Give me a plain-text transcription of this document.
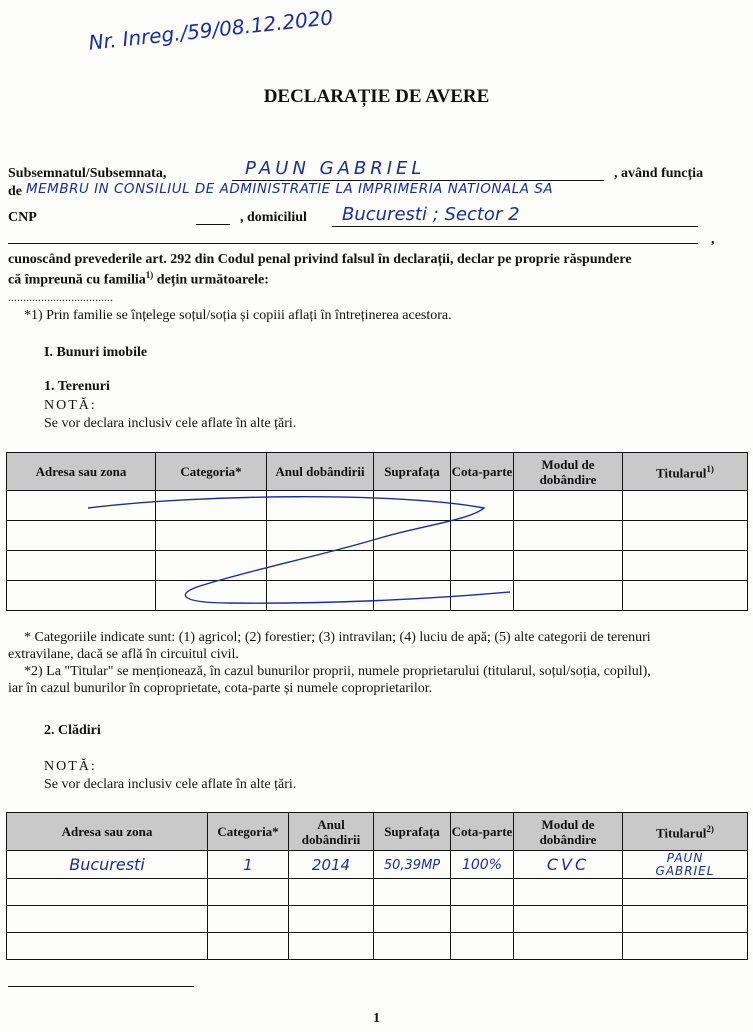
Nr. Inreg./59/08.12.2020
DECLARAȚIE DE AVERE
Subsemnatul/Subsemnata,	PAUN GABRIEL	, având funcția
de MEMBRU IN CONSILIUL DE ADMINISTRATIE LA IMPRIMERIA NATIONALA SA
CNP	, domiciliul Bucuresti ; Sector 2
,
cunoscând prevederile art. 292 din Codul penal privind falsul în declarații, declar pe proprie răspundere
că împreună cu familia$^{1)}$ dețin următoarele:
...................................
*1) Prin familie se înțelege soțul/soția și copiii aflați în întreținerea acestora.
I. Bunuri imobile
1. Terenuri
NOTĂ:
Se vor declara inclusiv cele aflate în alte țări.
Adresa sau zona	Categoria*	Anul dobândirii	Suprafața	Cota-parte	Modul de dobândire	Titularul$^{1)}$

* Categoriile indicate sunt: (1) agricol; (2) forestier; (3) intravilan; (4) luciu de apă; (5) alte categorii de terenuri
extravilane, dacă se află în circuitul civil.
*2) La "Titular" se menționează, în cazul bunurilor proprii, numele proprietarului (titularul, soțul/soția, copilul),
iar în cazul bunurilor în coproprietate, cota-parte și numele coproprietarilor.
2. Clădiri
NOTĂ:
Se vor declara inclusiv cele aflate în alte țări.
Adresa sau zona	Categoria*	Anul dobândirii	Suprafața	Cota-parte	Modul de dobândire	Titularul$^{2)}$
Bucuresti	1	2014	50,39MP	100%	CVC	PAUN GABRIEL

1
